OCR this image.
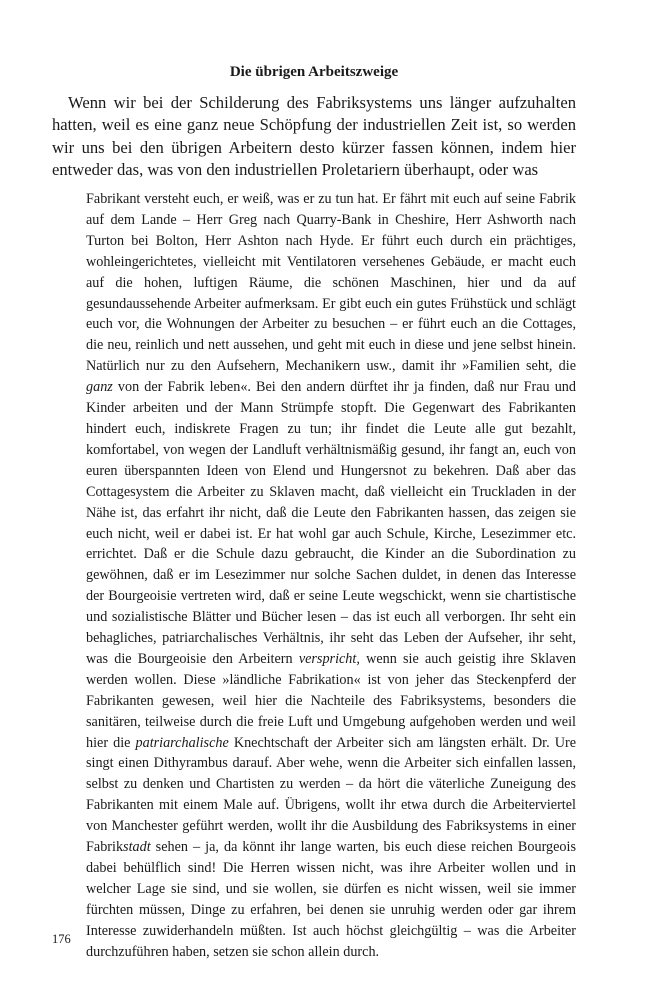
Die übrigen Arbeitszweige
Wenn wir bei der Schilderung des Fabriksystems uns länger aufzuhalten hatten, weil es eine ganz neue Schöpfung der industriellen Zeit ist, so werden wir uns bei den übrigen Arbeitern desto kürzer fassen können, indem hier entweder das, was von den industriellen Proletariern überhaupt, oder was
Fabrikant versteht euch, er weiß, was er zu tun hat. Er fährt mit euch auf seine Fabrik auf dem Lande – Herr Greg nach Quarry-Bank in Cheshire, Herr Ashworth nach Turton bei Bolton, Herr Ashton nach Hyde. Er führt euch durch ein prächtiges, wohleingerichtetes, vielleicht mit Ventilatoren versehenes Gebäude, er macht euch auf die hohen, luftigen Räume, die schönen Maschinen, hier und da auf gesundaussehende Arbeiter aufmerksam. Er gibt euch ein gutes Frühstück und schlägt euch vor, die Wohnungen der Arbeiter zu besuchen – er führt euch an die Cottages, die neu, reinlich und nett aussehen, und geht mit euch in diese und jene selbst hinein. Natürlich nur zu den Aufsehern, Mechanikern usw., damit ihr »Familien seht, die ganz von der Fabrik leben«. Bei den andern dürftet ihr ja finden, daß nur Frau und Kinder arbeiten und der Mann Strümpfe stopft. Die Gegenwart des Fabrikanten hindert euch, indiskrete Fragen zu tun; ihr findet die Leute alle gut bezahlt, komfortabel, von wegen der Landluft verhältnismäßig gesund, ihr fangt an, euch von euren überspannten Ideen von Elend und Hungersnot zu bekehren. Daß aber das Cottagesystem die Arbeiter zu Sklaven macht, daß vielleicht ein Truckladen in der Nähe ist, das erfahrt ihr nicht, daß die Leute den Fabrikanten hassen, das zeigen sie euch nicht, weil er dabei ist. Er hat wohl gar auch Schule, Kirche, Lesezimmer etc. errichtet. Daß er die Schule dazu gebraucht, die Kinder an die Subordination zu gewöhnen, daß er im Lesezimmer nur solche Sachen duldet, in denen das Interesse der Bourgeoisie vertreten wird, daß er seine Leute wegschickt, wenn sie chartistische und sozialistische Blätter und Bücher lesen – das ist euch all verborgen. Ihr seht ein behagliches, patriarchalisches Verhältnis, ihr seht das Leben der Aufseher, ihr seht, was die Bourgeoisie den Arbeitern verspricht, wenn sie auch geistig ihre Sklaven werden wollen. Diese »ländliche Fabrikation« ist von jeher das Steckenpferd der Fabrikanten gewesen, weil hier die Nachteile des Fabriksystems, besonders die sanitären, teilweise durch die freie Luft und Umgebung aufgehoben werden und weil hier die patriarchalische Knechtschaft der Arbeiter sich am längsten erhält. Dr. Ure singt einen Dithyrambus darauf. Aber wehe, wenn die Arbeiter sich einfallen lassen, selbst zu denken und Chartisten zu werden – da hört die väterliche Zuneigung des Fabrikanten mit einem Male auf. Übrigens, wollt ihr etwa durch die Arbeiterviertel von Manchester geführt werden, wollt ihr die Ausbildung des Fabriksystems in einer Fabrikstadt sehen – ja, da könnt ihr lange warten, bis euch diese reichen Bourgeois dabei behülflich sind! Die Herren wissen nicht, was ihre Arbeiter wollen und in welcher Lage sie sind, und sie wollen, sie dürfen es nicht wissen, weil sie immer fürchten müssen, Dinge zu erfahren, bei denen sie unruhig werden oder gar ihrem Interesse zuwiderhandeln müßten. Ist auch höchst gleichgültig – was die Arbeiter durchzuführen haben, setzen sie schon allein durch.
176
